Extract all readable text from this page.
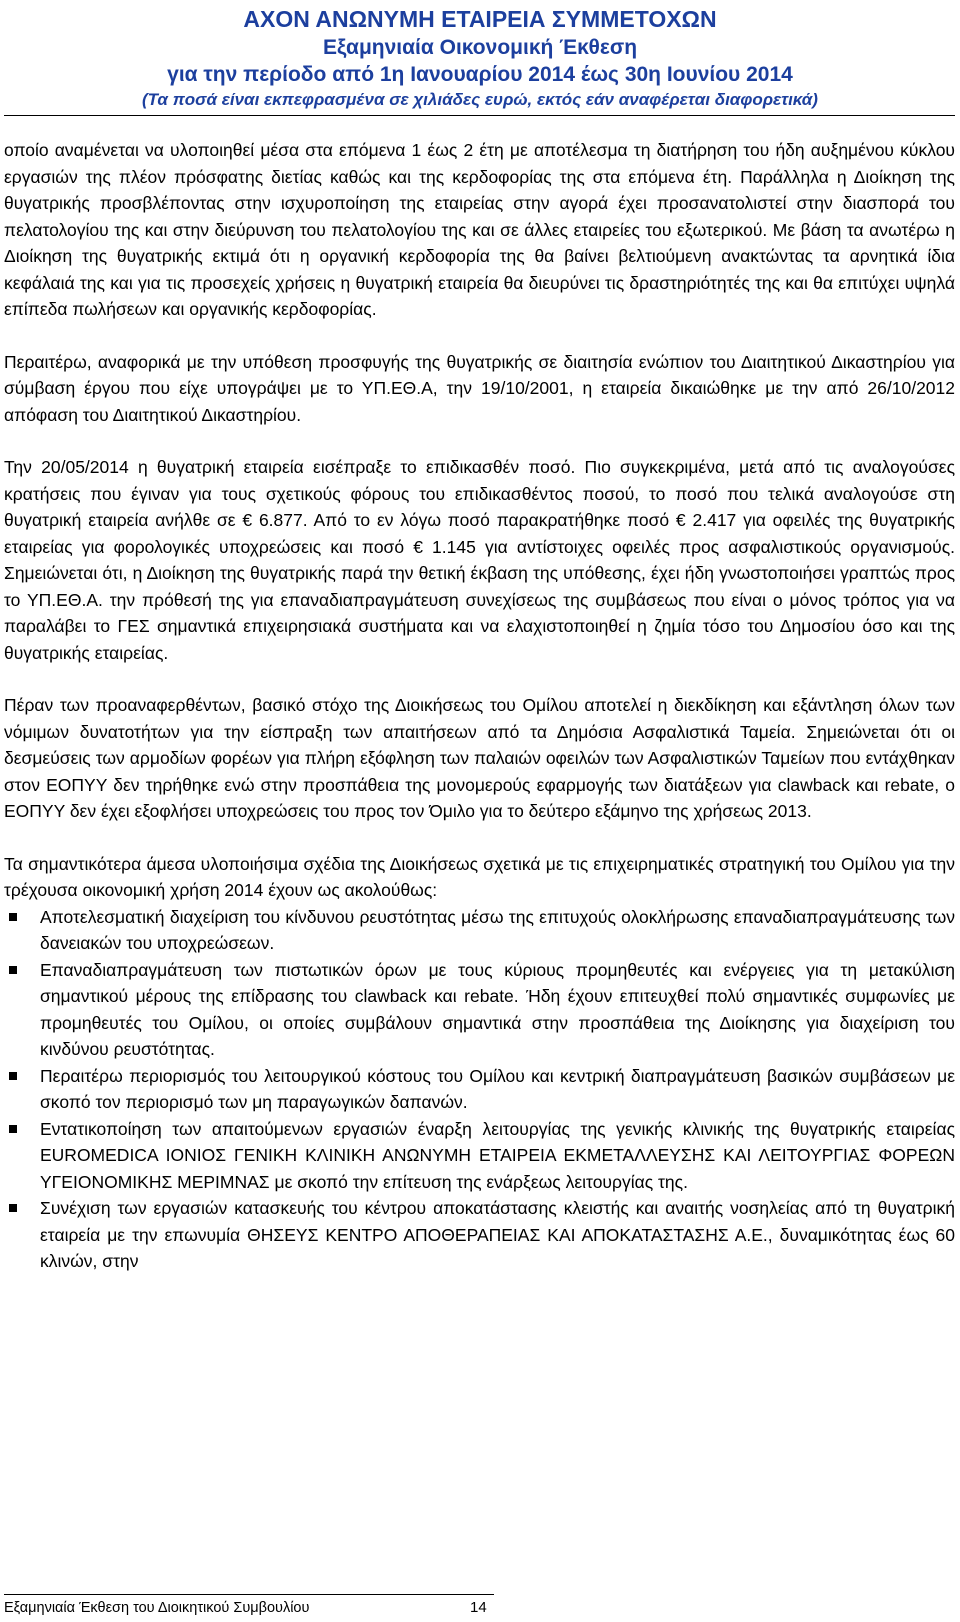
ΑΧΟΝ ΑΝΩΝΥΜΗ ΕΤΑΙΡΕΙΑ ΣΥΜΜΕΤΟΧΩΝ
Εξαμηνιαία Οικονομική Έκθεση
για την περίοδο από 1η Ιανουαρίου 2014 έως 30η Ιουνίου 2014
(Τα ποσά είναι εκπεφρασμένα σε χιλιάδες ευρώ, εκτός εάν αναφέρεται διαφορετικά)

οποίο αναμένεται να υλοποιηθεί μέσα στα επόμενα 1 έως 2 έτη με αποτέλεσμα τη διατήρηση του ήδη αυξημένου κύκλου εργασιών της πλέον πρόσφατης διετίας καθώς και της κερδοφορίας της στα επόμενα έτη. Παράλληλα η Διοίκηση της θυγατρικής προσβλέποντας στην ισχυροποίηση της εταιρείας στην αγορά έχει προσανατολιστεί στην διασπορά του πελατολογίου της και στην διεύρυνση του πελατολογίου της και σε άλλες εταιρείες του εξωτερικού. Με βάση τα ανωτέρω η Διοίκηση της θυγατρικής εκτιμά ότι η οργανική κερδοφορία της θα βαίνει βελτιούμενη ανακτώντας τα αρνητικά ίδια κεφάλαιά της και για τις προσεχείς χρήσεις η θυγατρική εταιρεία θα διευρύνει τις δραστηριότητές της και θα επιτύχει υψηλά επίπεδα πωλήσεων και οργανικής κερδοφορίας.

Περαιτέρω, αναφορικά με την υπόθεση προσφυγής της θυγατρικής σε διαιτησία ενώπιον του Διαιτητικού Δικαστηρίου για σύμβαση έργου που είχε υπογράψει με το ΥΠ.ΕΘ.Α, την 19/10/2001, η εταιρεία δικαιώθηκε με την από 26/10/2012 απόφαση του Διαιτητικού Δικαστηρίου.

Την 20/05/2014 η θυγατρική εταιρεία εισέπραξε το επιδικασθέν ποσό. Πιο συγκεκριμένα, μετά από τις αναλογούσες κρατήσεις που έγιναν για τους σχετικούς φόρους του επιδικασθέντος ποσού, το ποσό που τελικά αναλογούσε στη θυγατρική εταιρεία ανήλθε σε € 6.877. Από το εν λόγω ποσό παρακρατήθηκε ποσό € 2.417 για οφειλές της θυγατρικής εταιρείας για φορολογικές υποχρεώσεις και ποσό € 1.145 για αντίστοιχες οφειλές προς ασφαλιστικούς οργανισμούς. Σημειώνεται ότι, η Διοίκηση της θυγατρικής παρά την θετική έκβαση της υπόθεσης, έχει ήδη γνωστοποιήσει γραπτώς προς το ΥΠ.ΕΘ.Α. την πρόθεσή της για επαναδιαπραγμάτευση συνεχίσεως της συμβάσεως που είναι ο μόνος τρόπος για να παραλάβει το ΓΕΣ σημαντικά επιχειρησιακά συστήματα και να ελαχιστοποιηθεί η ζημία τόσο του Δημοσίου όσο και της θυγατρικής εταιρείας.

Πέραν των προαναφερθέντων, βασικό στόχο της Διοικήσεως του Ομίλου αποτελεί η διεκδίκηση και εξάντληση όλων των νόμιμων δυνατοτήτων για την είσπραξη των απαιτήσεων από τα Δημόσια Ασφαλιστικά Ταμεία. Σημειώνεται ότι οι δεσμεύσεις των αρμοδίων φορέων για πλήρη εξόφληση των παλαιών οφειλών των Ασφαλιστικών Ταμείων που εντάχθηκαν στον ΕΟΠΥΥ δεν τηρήθηκε ενώ στην προσπάθεια της μονομερούς εφαρμογής των διατάξεων για clawback και rebate, ο ΕΟΠΥΥ δεν έχει εξοφλήσει υποχρεώσεις του προς τον Όμιλο για το δεύτερο εξάμηνο της χρήσεως 2013.

Τα σημαντικότερα άμεσα υλοποιήσιμα σχέδια της Διοικήσεως σχετικά με τις επιχειρηματικές στρατηγική του Ομίλου για την τρέχουσα οικονομική χρήση 2014 έχουν ως ακολούθως:

Αποτελεσματική διαχείριση του κίνδυνου ρευστότητας μέσω της επιτυχούς ολοκλήρωσης επαναδιαπραγμάτευσης των δανειακών του υποχρεώσεων.
Επαναδιαπραγμάτευση των πιστωτικών όρων με τους κύριους προμηθευτές και ενέργειες για τη μετακύλιση σημαντικού μέρους της επίδρασης του clawback και rebate. Ήδη έχουν επιτευχθεί πολύ σημαντικές συμφωνίες με προμηθευτές του Ομίλου, οι οποίες συμβάλουν σημαντικά στην προσπάθεια της Διοίκησης για διαχείριση του κινδύνου ρευστότητας.
Περαιτέρω περιορισμός του λειτουργικού κόστους του Ομίλου και κεντρική διαπραγμάτευση βασικών συμβάσεων με σκοπό τον περιορισμό των μη παραγωγικών δαπανών.
Εντατικοποίηση των απαιτούμενων εργασιών έναρξη λειτουργίας της γενικής κλινικής της θυγατρικής εταιρείας EUROMEDICA ΙΟΝΙΟΣ ΓΕΝΙΚΗ ΚΛΙΝΙΚΗ ΑΝΩΝΥΜΗ ΕΤΑΙΡΕΙΑ ΕΚΜΕΤΑΛΛΕΥΣΗΣ ΚΑΙ ΛΕΙΤΟΥΡΓΙΑΣ ΦΟΡΕΩΝ ΥΓΕΙΟΝΟΜΙΚΗΣ ΜΕΡΙΜΝΑΣ με σκοπό την επίτευση της ενάρξεως λειτουργίας της.
Συνέχιση των εργασιών κατασκευής του κέντρου αποκατάστασης κλειστής και αναιτής νοσηλείας από τη θυγατρική εταιρεία με την επωνυμία ΘΗΣΕΥΣ ΚΕΝΤΡΟ ΑΠΟΘΕΡΑΠΕΙΑΣ ΚΑΙ ΑΠΟΚΑΤΑΣΤΑΣΗΣ Α.Ε., δυναμικότητας έως 60 κλινών, στην
Εξαμηνιαία Έκθεση του Διοικητικού Συμβουλίου	14
